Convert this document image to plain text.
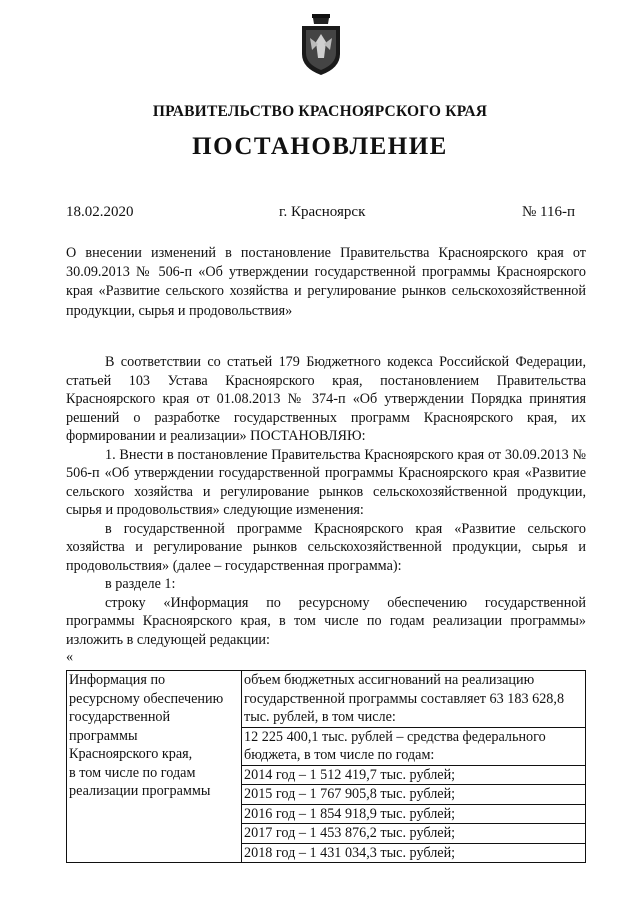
ПРАВИТЕЛЬСТВО КРАСНОЯРСКОГО КРАЯ
ПОСТАНОВЛЕНИЕ
18.02.2020	г. Красноярск	№ 116-п

О внесении изменений в постановление Правительства Красноярского края от 30.09.2013 № 506-п «Об утверждении государственной программы Красноярского края «Развитие сельского хозяйства и регулирование рынков сельскохозяйственной продукции, сырья и продовольствия»

В соответствии со статьей 179 Бюджетного кодекса Российской Федерации, статьей 103 Устава Красноярского края, постановлением Правительства Красноярского края от 01.08.2013 № 374-п «Об утверждении Порядка принятия решений о разработке государственных программ Красноярского края, их формировании и реализации» ПОСТАНОВЛЯЮ:

1. Внести в постановление Правительства Красноярского края от 30.09.2013 № 506-п «Об утверждении государственной программы Красноярского края «Развитие сельского хозяйства и регулирование рынков сельскохозяйственной продукции, сырья и продовольствия» следующие изменения:

в государственной программе Красноярского края «Развитие сельского хозяйства и регулирование рынков сельскохозяйственной продукции, сырья и продовольствия» (далее – государственная программа):

в разделе 1:

строку «Информация по ресурсному обеспечению государственной программы Красноярского края, в том числе по годам реализации программы» изложить в следующей редакции:

«

Информация по
ресурсному обеспечению
государственной
программы
Красноярского края,
в том числе по годам
реализации программы
	объем бюджетных ассигнований на реализацию государственной программы составляет 63 183 628,8 тыс. рублей, в том числе:
12 225 400,1 тыс. рублей – средства федерального бюджета, в том числе по годам:
2014 год – 1 512 419,7 тыс. рублей;
2015 год – 1 767 905,8 тыс. рублей;
2016 год – 1 854 918,9 тыс. рублей;
2017 год – 1 453 876,2 тыс. рублей;
2018 год – 1 431 034,3 тыс. рублей;
